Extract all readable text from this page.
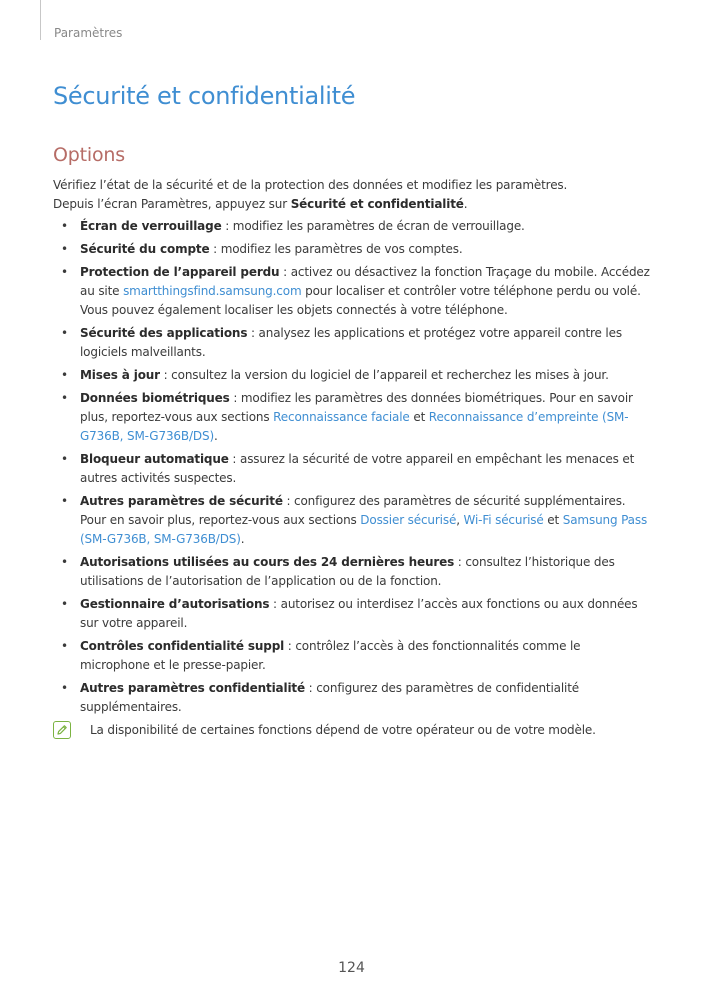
Paramètres
Sécurité et confidentialité
Options

Vérifiez l’état de la sécurité et de la protection des données et modifiez les paramètres.

Depuis l’écran Paramètres, appuyez sur Sécurité et confidentialité.

• Écran de verrouillage : modifiez les paramètres de écran de verrouillage.
• Sécurité du compte : modifiez les paramètres de vos comptes.
• Protection de l’appareil perdu : activez ou désactivez la fonction Traçage du mobile. Accédez au site smartthingsfind.samsung.com pour localiser et contrôler votre téléphone perdu ou volé. Vous pouvez également localiser les objets connectés à votre téléphone.
• Sécurité des applications : analysez les applications et protégez votre appareil contre les logiciels malveillants.
• Mises à jour : consultez la version du logiciel de l’appareil et recherchez les mises à jour.
• Données biométriques : modifiez les paramètres des données biométriques. Pour en savoir plus, reportez-vous aux sections Reconnaissance faciale et Reconnaissance d’empreinte (SM-G736B, SM-G736B/DS).
• Bloqueur automatique : assurez la sécurité de votre appareil en empêchant les menaces et autres activités suspectes.
• Autres paramètres de sécurité : configurez des paramètres de sécurité supplémentaires. Pour en savoir plus, reportez-vous aux sections Dossier sécurisé, Wi-Fi sécurisé et Samsung Pass (SM-G736B, SM-G736B/DS).
• Autorisations utilisées au cours des 24 dernières heures : consultez l’historique des utilisations de l’autorisation de l’application ou de la fonction.
• Gestionnaire d’autorisations : autorisez ou interdisez l’accès aux fonctions ou aux données sur votre appareil.
• Contrôles confidentialité suppl : contrôlez l’accès à des fonctionnalités comme le microphone et le presse-papier.
• Autres paramètres confidentialité : configurez des paramètres de confidentialité supplémentaires.
La disponibilité de certaines fonctions dépend de votre opérateur ou de votre modèle.
124
